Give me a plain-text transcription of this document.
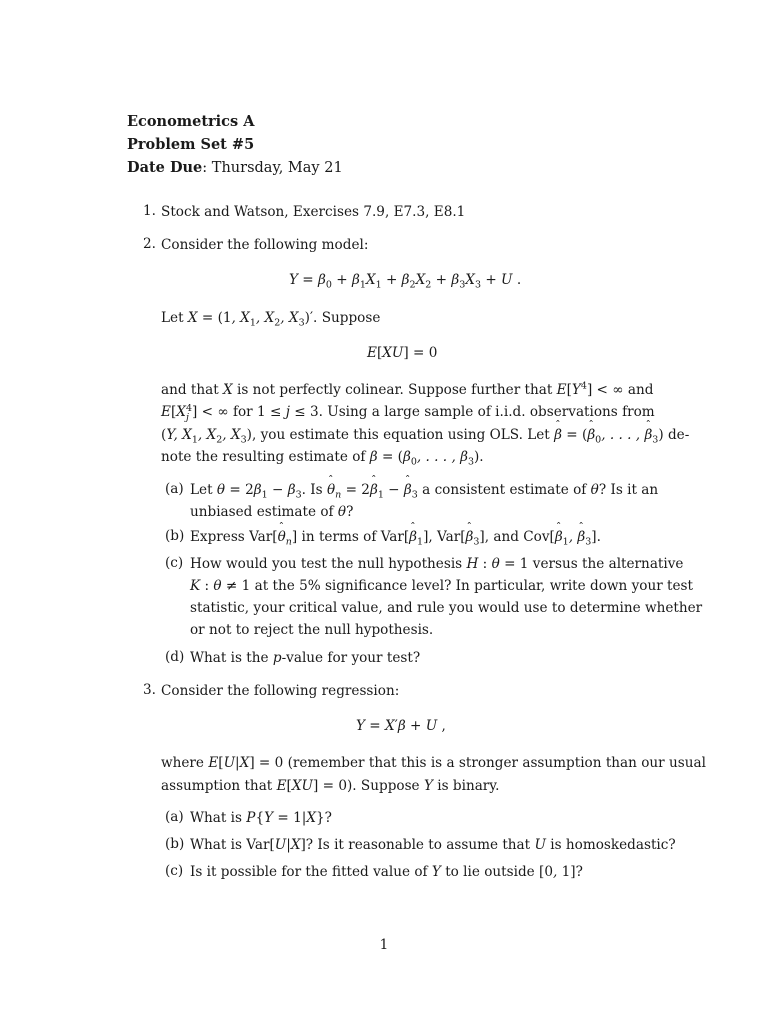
Econometrics A
Problem Set #5
Date Due: Thursday, May 21
1. Stock and Watson, Exercises 7.9, E7.3, E8.1
2. Consider the following model:
$Y = \beta_0 + \beta_1X_1 + \beta_2X_2 + \beta_3X_3 + U$ .
Let X = (1, $X_1$, $X_2$, $X_3)'$. Suppose
E[XU] = 0
and that X is not perfectly colinear. Suppose further that $E[Y^4]$ < ∞ and
E[X 4
j ] < ∞ for 1 ≤ j ≤ 3. Using a large sample of i.i.d. observations from
(Y, $X_1$, $X_2$, $X_3$), you estimate this equation using OLS. Let ˆ β = (ˆ $\beta_0$, . . . , ˆ $\beta_3$) de-
note the resulting estimate of $\beta = (\beta_0$, . . . , $\beta_3$).
(a) Let $\theta = 2\beta_1 - \beta_3$. Is ˆ $\theta_n$ = 2ˆ $\beta_1$ − ˆ $\beta_3$ a consistent estimate of θ? Is it an
unbiased estimate of θ?
(b) Express Var[ˆ $\theta_n$] in terms of Var[ˆ $\beta_1$], Var[ˆ $\beta_3$], and Cov[ˆ $\beta_1$, ˆ $\beta_3$].
(c) How would you test the null hypothesis H : θ = 1 versus the alternative
K : θ ≠ 1 at the 5% significance level? In particular, write down your test
statistic, your critical value, and rule you would use to determine whether
or not to reject the null hypothesis.
(d) What is the p-value for your test?
3. Consider the following regression:
Y = X′β + U ,
where E[U|X] = 0 (remember that this is a stronger assumption than our usual
assumption that E[XU] = 0). Suppose Y is binary.
(a) What is P{Y = 1|X}?
(b) What is Var[U|X]? Is it reasonable to assume that U is homoskedastic?
(c) Is it possible for the fitted value of Y to lie outside [0, 1]?
1
